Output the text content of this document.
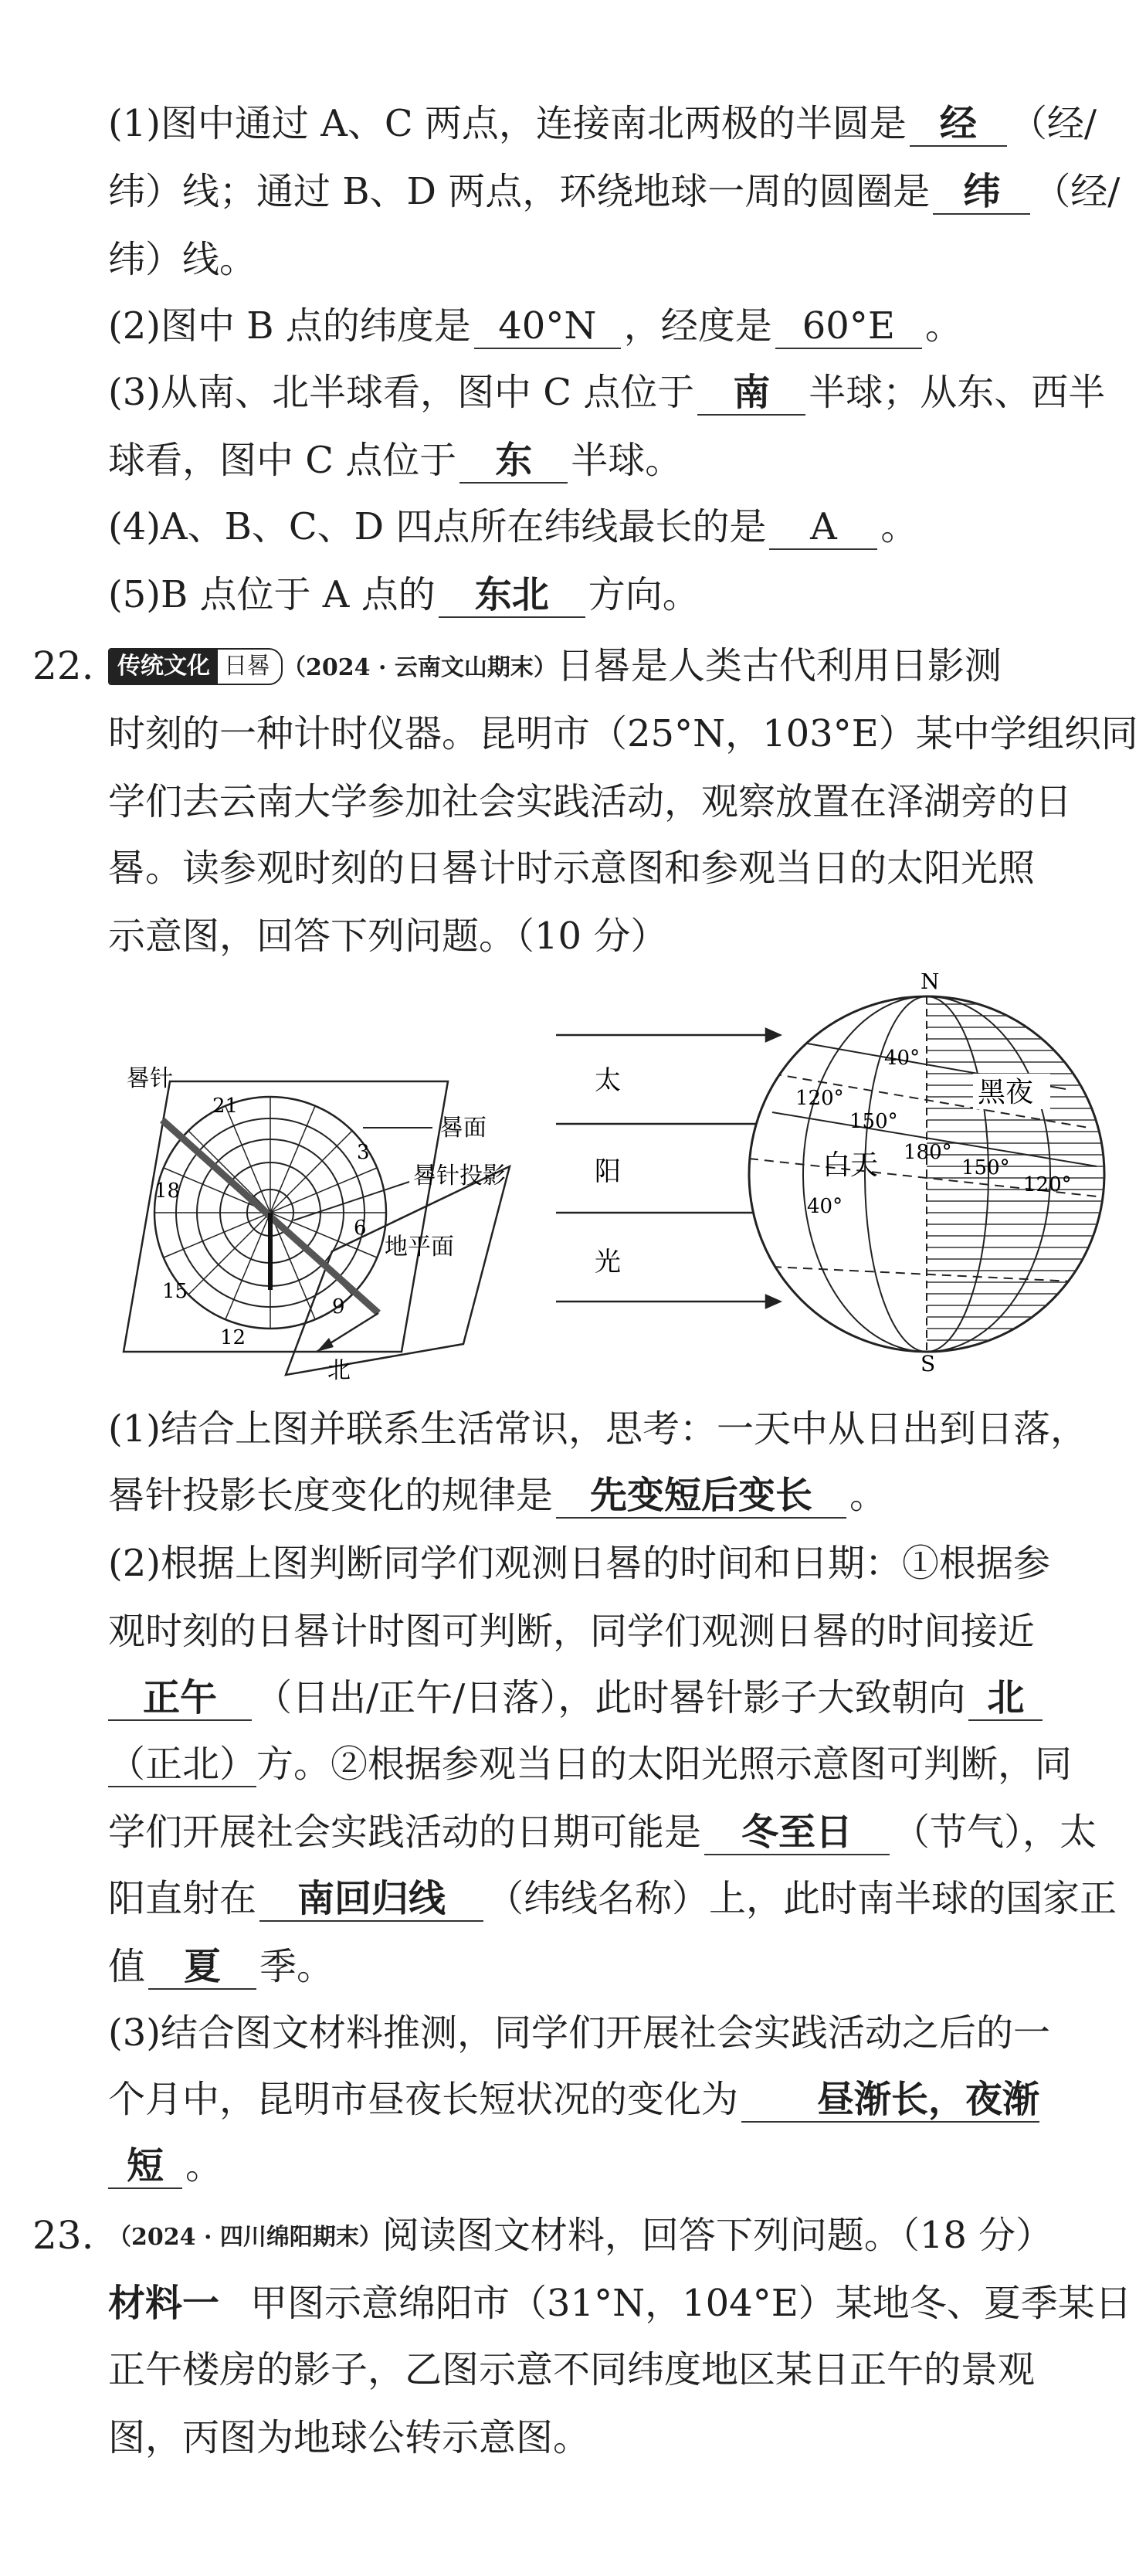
(1)图中通过 A、C 两点，连接南北两极的半圆是 经 （经/
纬）线；通过 B、D 两点，环绕地球一周的圆圈是 纬 （经/
纬）线。
(2)图中 B 点的纬度是 40°N ，经度是 60°E 。
(3)从南、北半球看，图中 C 点位于 南 半球；从东、西半
球看，图中 C 点位于 东 半球。
(4)A、B、C、D 四点所在纬线最长的是 A 。
(5)B 点位于 A 点的 东北 方向。
22.	传统文化 日晷 （2024 · 云南文山期末）日晷是人类古代利用日影测
时刻的一种计时仪器。昆明市（25°N，103°E）某中学组织同
学们去云南大学参加社会实践活动，观察放置在泽湖旁的日
晷。读参观时刻的日晷计时示意图和参观当日的太阳光照
示意图，回答下列问题。（10 分）
晷针
晷面
晷针投影
地平面
北
21
3
18
6
15
9
12
太
阳
光
N
S
40°
120°
150°
180°
150°
120°
40°
黑夜
白天
(1)结合上图并联系生活常识，思考：一天中从日出到日落，
晷针投影长度变化的规律是 先变短后变长 。
(2)根据上图判断同学们观测日晷的时间和日期：①根据参
观时刻的日晷计时图可判断，同学们观测日晷的时间接近
正午 （日出/正午/日落），此时晷针影子大致朝向 北
（正北）方。②根据参观当日的太阳光照示意图可判断，同
学们开展社会实践活动的日期可能是 冬至日 （节气），太
阳直射在 南回归线 （纬线名称）上，此时南半球的国家正
值 夏 季。
(3)结合图文材料推测，同学们开展社会实践活动之后的一
个月中，昆明市昼夜长短状况的变化为 昼渐长，夜渐
短 。
23. （2024 · 四川绵阳期末）阅读图文材料，回答下列问题。（18 分）
材料一 甲图示意绵阳市（31°N，104°E）某地冬、夏季某日
正午楼房的影子，乙图示意不同纬度地区某日正午的景观
图，丙图为地球公转示意图。
